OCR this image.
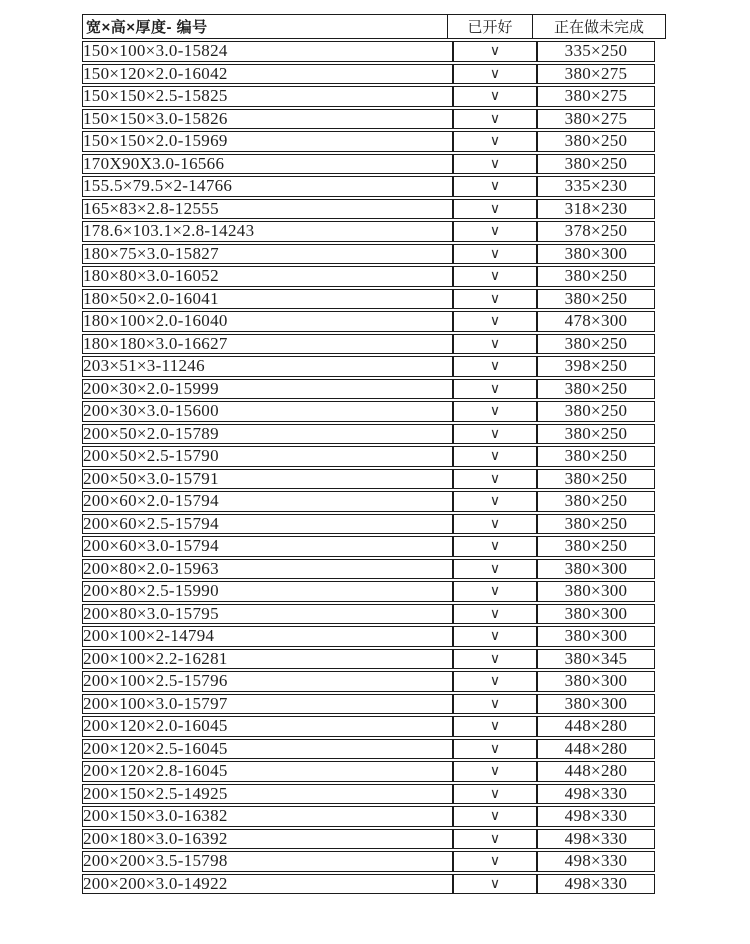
宽×高×厚度- 编号	已开好	正在做未完成
150×100×3.0-15824	∨	335×250
150×120×2.0-16042	∨	380×275
150×150×2.5-15825	∨	380×275
150×150×3.0-15826	∨	380×275
150×150×2.0-15969	∨	380×250
170X90X3.0-16566	∨	380×250
155.5×79.5×2-14766	∨	335×230
165×83×2.8-12555	∨	318×230
178.6×103.1×2.8-14243	∨	378×250
180×75×3.0-15827	∨	380×300
180×80×3.0-16052	∨	380×250
180×50×2.0-16041	∨	380×250
180×100×2.0-16040	∨	478×300
180×180×3.0-16627	∨	380×250
203×51×3-11246	∨	398×250
200×30×2.0-15999	∨	380×250
200×30×3.0-15600	∨	380×250
200×50×2.0-15789	∨	380×250
200×50×2.5-15790	∨	380×250
200×50×3.0-15791	∨	380×250
200×60×2.0-15794	∨	380×250
200×60×2.5-15794	∨	380×250
200×60×3.0-15794	∨	380×250
200×80×2.0-15963	∨	380×300
200×80×2.5-15990	∨	380×300
200×80×3.0-15795	∨	380×300
200×100×2-14794	∨	380×300
200×100×2.2-16281	∨	380×345
200×100×2.5-15796	∨	380×300
200×100×3.0-15797	∨	380×300
200×120×2.0-16045	∨	448×280
200×120×2.5-16045	∨	448×280
200×120×2.8-16045	∨	448×280
200×150×2.5-14925	∨	498×330
200×150×3.0-16382	∨	498×330
200×180×3.0-16392	∨	498×330
200×200×3.5-15798	∨	498×330
200×200×3.0-14922	∨	498×330
